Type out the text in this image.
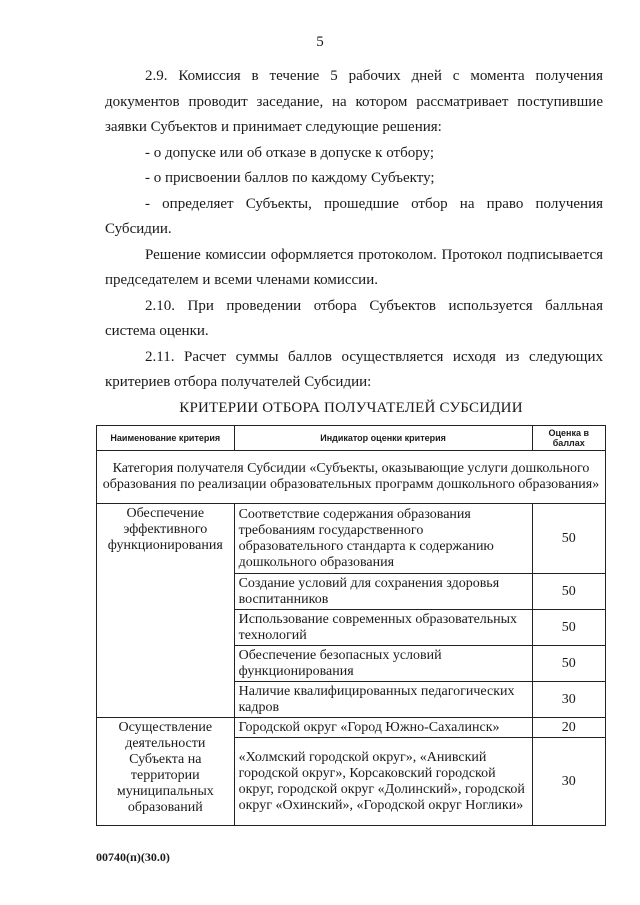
5

2.9. Комиссия в течение 5 рабочих дней с момента получения документов проводит заседание, на котором рассматривает поступившие заявки Субъектов и принимает следующие решения:

- о допуске или об отказе в допуске к отбору;

- о присвоении баллов по каждому Субъекту;

- определяет Субъекты, прошедшие отбор на право получения Субсидии.

Решение комиссии оформляется протоколом. Протокол подписывается председателем и всеми членами комиссии.

2.10. При проведении отбора Субъектов используется балльная система оценки.

2.11. Расчет суммы баллов осуществляется исходя из следующих критериев отбора получателей Субсидии:

КРИТЕРИИ ОТБОРА ПОЛУЧАТЕЛЕЙ СУБСИДИИ
Наименование критерия	Индикатор оценки критерия	Оценка в баллах
Категория получателя Субсидии «Субъекты, оказывающие услуги дошкольного образования по реализации образовательных программ дошкольного образования»		
Обеспечение эффективного функционирования	Соответствие содержания образования требованиям государственного образовательного стандарта к содержанию дошкольного образования	50
	Создание условий для сохранения здоровья воспитанников	50
	Использование современных образовательных технологий	50
	Обеспечение безопасных условий функционирования	50
	Наличие квалифицированных педагогических кадров	30
Осуществление деятельности Субъекта на территории муниципальных образований	Городской округ «Город Южно-Сахалинск»	20
	«Холмский городской округ», «Анивский городской округ», Корсаковский городской округ, городской округ «Долинский», городской округ «Охинский», «Городской округ Ноглики»	30
00740(п)(30.0)
